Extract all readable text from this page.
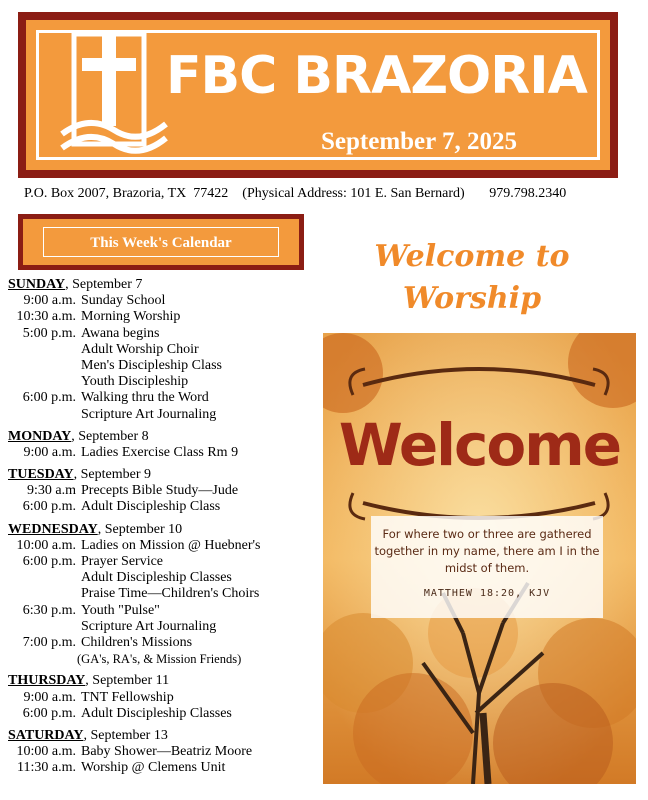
FBC BRAZORIA
September 7, 2025
P.O. Box 2007, Brazoria, TX  77422    (Physical Address: 101 E. San Bernard)       979.798.2340
This Week's Calendar
SUNDAY, September 7
9:00 a.m. Sunday School
10:30 a.m. Morning Worship
5:00 p.m. Awana begins
Adult Worship Choir
Men's Discipleship Class
Youth Discipleship
6:00 p.m. Walking thru the Word
Scripture Art Journaling
MONDAY, September 8
9:00 a.m. Ladies Exercise Class Rm 9
TUESDAY, September 9
9:30 a.m Precepts Bible Study—Jude
6:00 p.m. Adult Discipleship Class
WEDNESDAY, September 10
10:00 a.m. Ladies on Mission @ Huebner's
6:00 p.m. Prayer Service
Adult Discipleship Classes
Praise Time—Children's Choirs
6:30 p.m. Youth "Pulse"
Scripture Art Journaling
7:00 p.m. Children's Missions
(GA's, RA's, & Mission Friends)
THURSDAY, September 11
9:00 a.m. TNT Fellowship
6:00 p.m. Adult Discipleship Classes
SATURDAY, September 13
10:00 a.m. Baby Shower—Beatriz Moore
11:30 a.m. Worship @ Clemens Unit
Welcome to
Worship
Welcome
For where two or three are gathered
together in my name, there am I in the
midst of them.
MATTHEW 18:20, KJV
